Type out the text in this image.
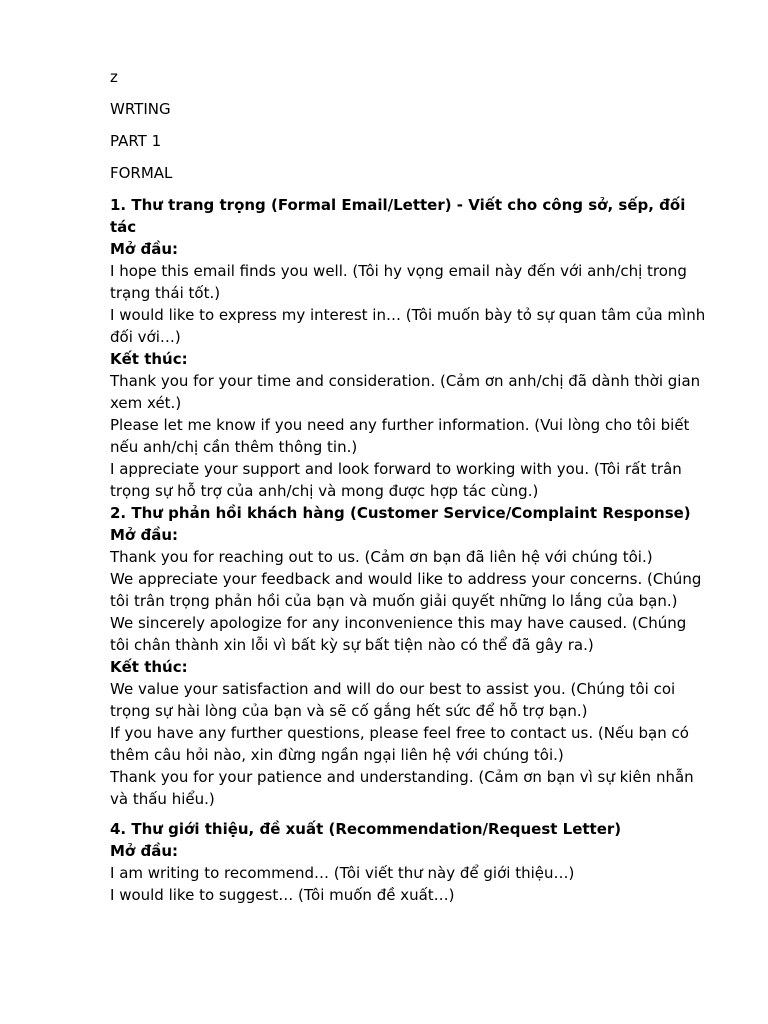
z

WRTING

PART 1

FORMAL

1. Thư trang trọng (Formal Email/Letter) - Viết cho công sở, sếp, đối tác

Mở đầu:

I hope this email finds you well. (Tôi hy vọng email này đến với anh/chị trong trạng thái tốt.)

I would like to express my interest in… (Tôi muốn bày tỏ sự quan tâm của mình đối với…)

Kết thúc:

Thank you for your time and consideration. (Cảm ơn anh/chị đã dành thời gian xem xét.)

Please let me know if you need any further information. (Vui lòng cho tôi biết nếu anh/chị cần thêm thông tin.)

I appreciate your support and look forward to working with you. (Tôi rất trân trọng sự hỗ trợ của anh/chị và mong được hợp tác cùng.)

2. Thư phản hồi khách hàng (Customer Service/Complaint Response)

Mở đầu:

Thank you for reaching out to us. (Cảm ơn bạn đã liên hệ với chúng tôi.)

We appreciate your feedback and would like to address your concerns. (Chúng tôi trân trọng phản hồi của bạn và muốn giải quyết những lo lắng của bạn.)

We sincerely apologize for any inconvenience this may have caused. (Chúng tôi chân thành xin lỗi vì bất kỳ sự bất tiện nào có thể đã gây ra.)

Kết thúc:

We value your satisfaction and will do our best to assist you. (Chúng tôi coi trọng sự hài lòng của bạn và sẽ cố gắng hết sức để hỗ trợ bạn.)

If you have any further questions, please feel free to contact us. (Nếu bạn có thêm câu hỏi nào, xin đừng ngần ngại liên hệ với chúng tôi.)

Thank you for your patience and understanding. (Cảm ơn bạn vì sự kiên nhẫn và thấu hiểu.)

4. Thư giới thiệu, đề xuất (Recommendation/Request Letter)

Mở đầu:

I am writing to recommend… (Tôi viết thư này để giới thiệu…)

I would like to suggest… (Tôi muốn đề xuất…)
